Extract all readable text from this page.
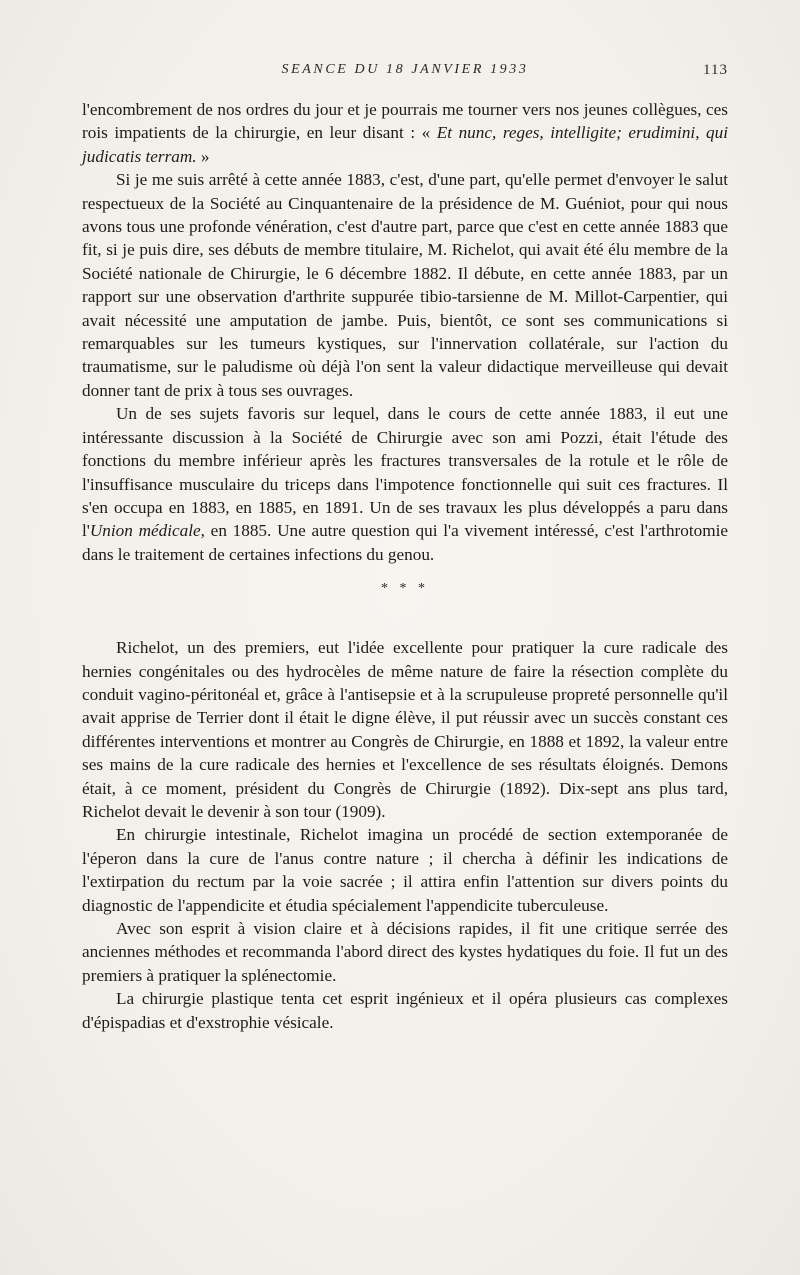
SEANCE DU 18 JANVIER 1933	113

l'encombrement de nos ordres du jour et je pourrais me tourner vers nos jeunes collègues, ces rois impatients de la chirurgie, en leur disant : « Et nunc, reges, intelligite; erudimini, qui judicatis terram. »

Si je me suis arrêté à cette année 1883, c'est, d'une part, qu'elle permet d'envoyer le salut respectueux de la Société au Cinquantenaire de la présidence de M. Guéniot, pour qui nous avons tous une profonde vénération, c'est d'autre part, parce que c'est en cette année 1883 que fit, si je puis dire, ses débuts de membre titulaire, M. Richelot, qui avait été élu membre de la Société nationale de Chirurgie, le 6 décembre 1882. Il débute, en cette année 1883, par un rapport sur une observation d'arthrite suppurée tibio-tarsienne de M. Millot-Carpentier, qui avait nécessité une amputation de jambe. Puis, bientôt, ce sont ses communications si remarquables sur les tumeurs kystiques, sur l'innervation collatérale, sur l'action du traumatisme, sur le paludisme où déjà l'on sent la valeur didactique merveilleuse qui devait donner tant de prix à tous ses ouvrages.

Un de ses sujets favoris sur lequel, dans le cours de cette année 1883, il eut une intéressante discussion à la Société de Chirurgie avec son ami Pozzi, était l'étude des fonctions du membre inférieur après les fractures transversales de la rotule et le rôle de l'insuffisance musculaire du triceps dans l'impotence fonctionnelle qui suit ces fractures. Il s'en occupa en 1883, en 1885, en 1891. Un de ses travaux les plus développés a paru dans l'Union médicale, en 1885. Une autre question qui l'a vivement intéressé, c'est l'arthrotomie dans le traitement de certaines infections du genou.

* * *

Richelot, un des premiers, eut l'idée excellente pour pratiquer la cure radicale des hernies congénitales ou des hydrocèles de même nature de faire la résection complète du conduit vagino-péritonéal et, grâce à l'antisepsie et à la scrupuleuse propreté personnelle qu'il avait apprise de Terrier dont il était le digne élève, il put réussir avec un succès constant ces différentes interventions et montrer au Congrès de Chirurgie, en 1888 et 1892, la valeur entre ses mains de la cure radicale des hernies et l'excellence de ses résultats éloignés. Demons était, à ce moment, président du Congrès de Chirurgie (1892). Dix-sept ans plus tard, Richelot devait le devenir à son tour (1909).

En chirurgie intestinale, Richelot imagina un procédé de section extemporanée de l'éperon dans la cure de l'anus contre nature ; il chercha à définir les indications de l'extirpation du rectum par la voie sacrée ; il attira enfin l'attention sur divers points du diagnostic de l'appendicite et étudia spécialement l'appendicite tuberculeuse.

Avec son esprit à vision claire et à décisions rapides, il fit une critique serrée des anciennes méthodes et recommanda l'abord direct des kystes hydatiques du foie. Il fut un des premiers à pratiquer la splénectomie.

La chirurgie plastique tenta cet esprit ingénieux et il opéra plusieurs cas complexes d'épispadias et d'exstrophie vésicale.
